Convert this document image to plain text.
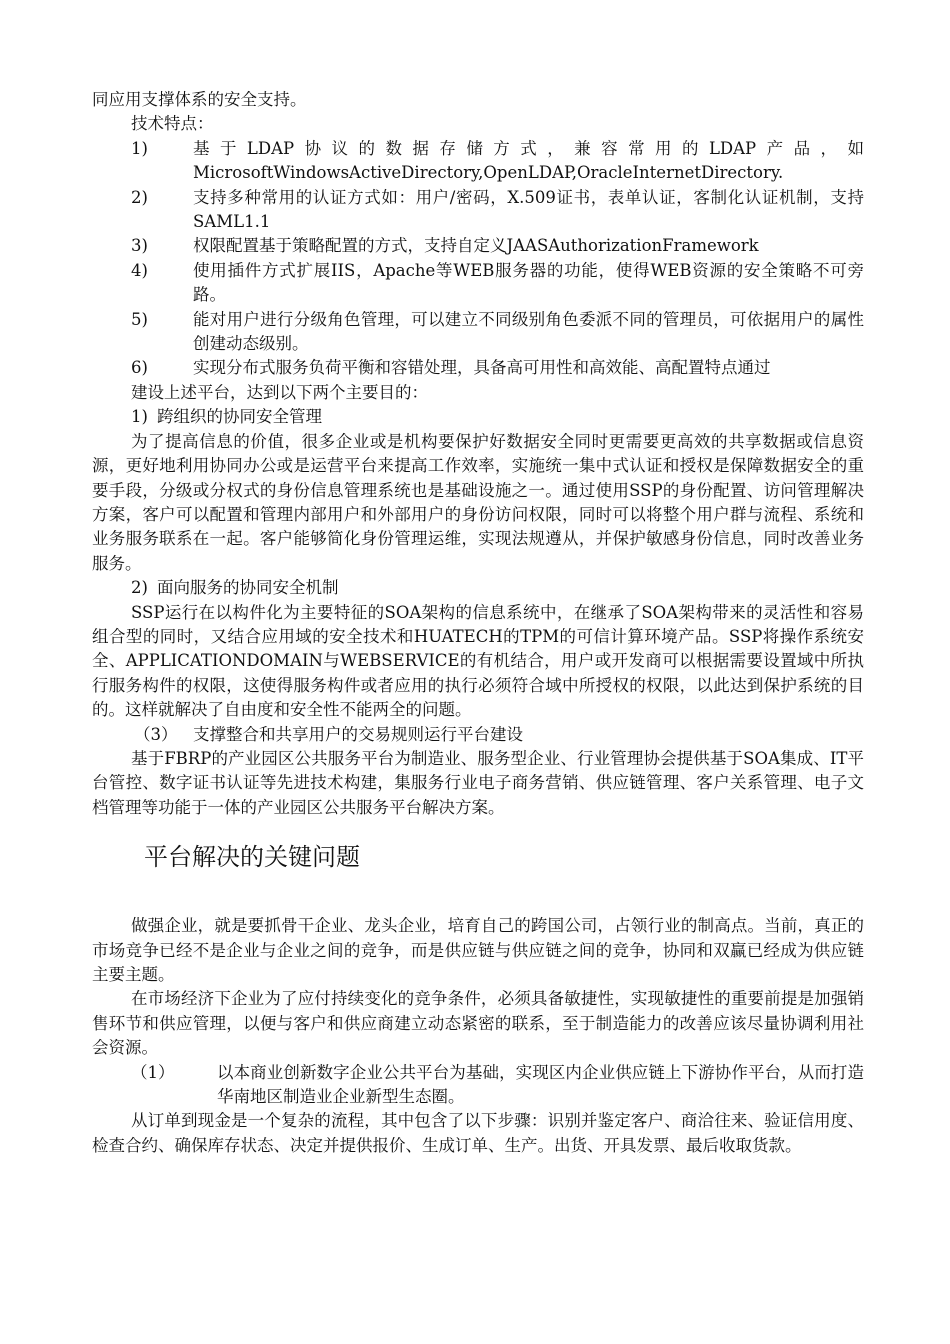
同应用支撑体系的安全支持。

技术特点：

1)	基于LDAP协议的数据存储方式，兼容常用的LDAP产品，如MicrosoftWindowsActiveDirectory,OpenLDAP,OracleInternetDirectory.

2)	支持多种常用的认证方式如：用户/密码，X.509证书，表单认证，客制化认证机制，支持SAML1.1

3)	权限配置基于策略配置的方式，支持自定义JAASAuthorizationFramework

4)	使用插件方式扩展IIS，Apache等WEB服务器的功能，使得WEB资源的安全策略不可旁路。

5)	能对用户进行分级角色管理，可以建立不同级别角色委派不同的管理员，可依据用户的属性创建动态级别。

6)	实现分布式服务负荷平衡和容错处理，具备高可用性和高效能、高配置特点通过

建设上述平台，达到以下两个主要目的：

1) 跨组织的协同安全管理

为了提高信息的价值，很多企业或是机构要保护好数据安全同时更需要更高效的共享数据或信息资源，更好地利用协同办公或是运营平台来提高工作效率，实施统一集中式认证和授权是保障数据安全的重要手段，分级或分权式的身份信息管理系统也是基础设施之一。通过使用SSP的身份配置、访问管理解决方案，客户可以配置和管理内部用户和外部用户的身份访问权限，同时可以将整个用户群与流程、系统和业务服务联系在一起。客户能够简化身份管理运维，实现法规遵从，并保护敏感身份信息，同时改善业务服务。

2) 面向服务的协同安全机制

SSP运行在以构件化为主要特征的SOA架构的信息系统中，在继承了SOA架构带来的灵活性和容易组合型的同时，又结合应用域的安全技术和HUATECH的TPM的可信计算环境产品。SSP将操作系统安全、APPLICATIONDOMAIN与WEBSERVICE的有机结合，用户或开发商可以根据需要设置域中所执行服务构件的权限，这使得服务构件或者应用的执行必须符合域中所授权的权限，以此达到保护系统的目的。这样就解决了自由度和安全性不能两全的问题。

（3） 支撑整合和共享用户的交易规则运行平台建设

基于FBRP的产业园区公共服务平台为制造业、服务型企业、行业管理协会提供基于SOA集成、IT平台管控、数字证书认证等先进技术构建，集服务行业电子商务营销、供应链管理、客户关系管理、电子文档管理等功能于一体的产业园区公共服务平台解决方案。

平台解决的关键问题

做强企业，就是要抓骨干企业、龙头企业，培育自己的跨国公司，占领行业的制高点。当前，真正的市场竞争已经不是企业与企业之间的竞争，而是供应链与供应链之间的竞争，协同和双赢已经成为供应链主要主题。

在市场经济下企业为了应付持续变化的竞争条件，必须具备敏捷性，实现敏捷性的重要前提是加强销售环节和供应管理，以便与客户和供应商建立动态紧密的联系，至于制造能力的改善应该尽量协调利用社会资源。

（1）	以本商业创新数字企业公共平台为基础，实现区内企业供应链上下游协作平台，从而打造华南地区制造业企业新型生态圈。

从订单到现金是一个复杂的流程，其中包含了以下步骤：识别并鉴定客户、商洽往来、验证信用度、检查合约、确保库存状态、决定并提供报价、生成订单、生产。出货、开具发票、最后收取货款。
